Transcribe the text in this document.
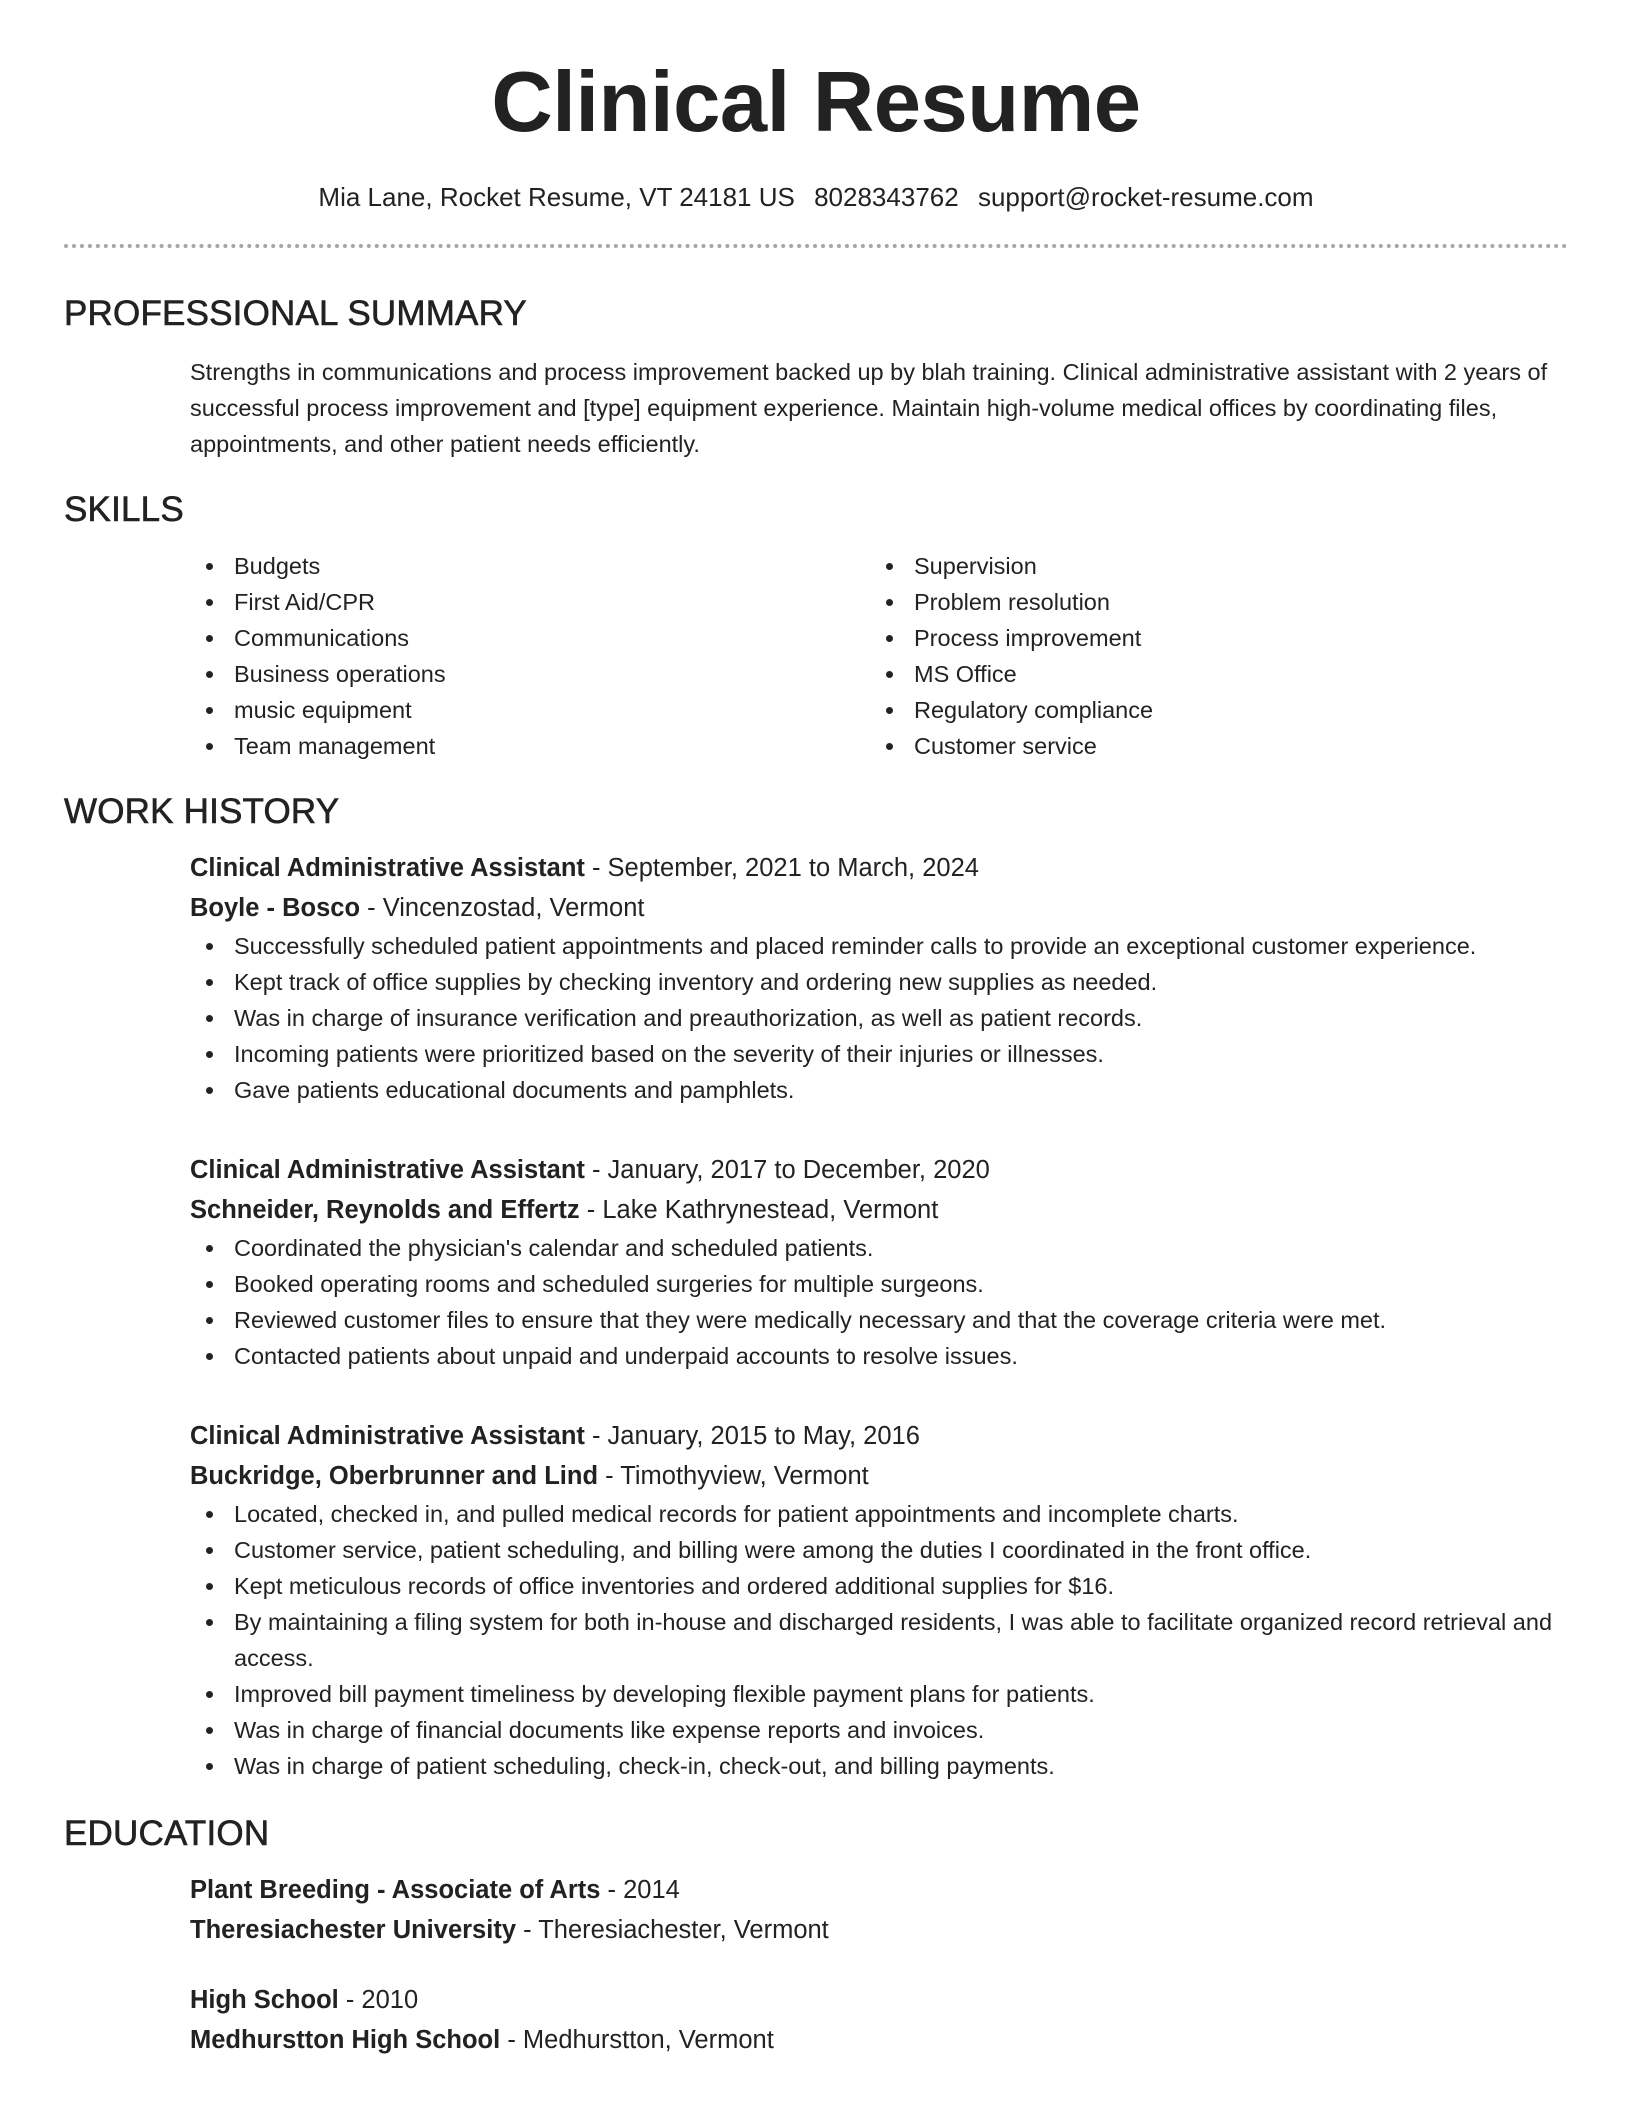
Clinical Resume
Mia Lane, Rocket Resume, VT 24181 US 8028343762 support@rocket-resume.com
PROFESSIONAL SUMMARY
Strengths in communications and process improvement backed up by blah training. Clinical administrative assistant with 2 years of successful process improvement and [type] equipment experience. Maintain high-volume medical offices by coordinating files, appointments, and other patient needs efficiently.
SKILLS
Budgets
First Aid/CPR
Communications
Business operations
music equipment
Team management
Supervision
Problem resolution
Process improvement
MS Office
Regulatory compliance
Customer service
WORK HISTORY
Clinical Administrative Assistant - September, 2021 to March, 2024
Boyle - Bosco - Vincenzostad, Vermont
Successfully scheduled patient appointments and placed reminder calls to provide an exceptional customer experience.
Kept track of office supplies by checking inventory and ordering new supplies as needed.
Was in charge of insurance verification and preauthorization, as well as patient records.
Incoming patients were prioritized based on the severity of their injuries or illnesses.
Gave patients educational documents and pamphlets.
Clinical Administrative Assistant - January, 2017 to December, 2020
Schneider, Reynolds and Effertz - Lake Kathrynestead, Vermont
Coordinated the physician's calendar and scheduled patients.
Booked operating rooms and scheduled surgeries for multiple surgeons.
Reviewed customer files to ensure that they were medically necessary and that the coverage criteria were met.
Contacted patients about unpaid and underpaid accounts to resolve issues.
Clinical Administrative Assistant - January, 2015 to May, 2016
Buckridge, Oberbrunner and Lind - Timothyview, Vermont
Located, checked in, and pulled medical records for patient appointments and incomplete charts.
Customer service, patient scheduling, and billing were among the duties I coordinated in the front office.
Kept meticulous records of office inventories and ordered additional supplies for $16.
By maintaining a filing system for both in-house and discharged residents, I was able to facilitate organized record retrieval and access.
Improved bill payment timeliness by developing flexible payment plans for patients.
Was in charge of financial documents like expense reports and invoices.
Was in charge of patient scheduling, check-in, check-out, and billing payments.
EDUCATION
Plant Breeding - Associate of Arts - 2014
Theresiachester University - Theresiachester, Vermont
High School - 2010
Medhurstton High School - Medhurstton, Vermont
